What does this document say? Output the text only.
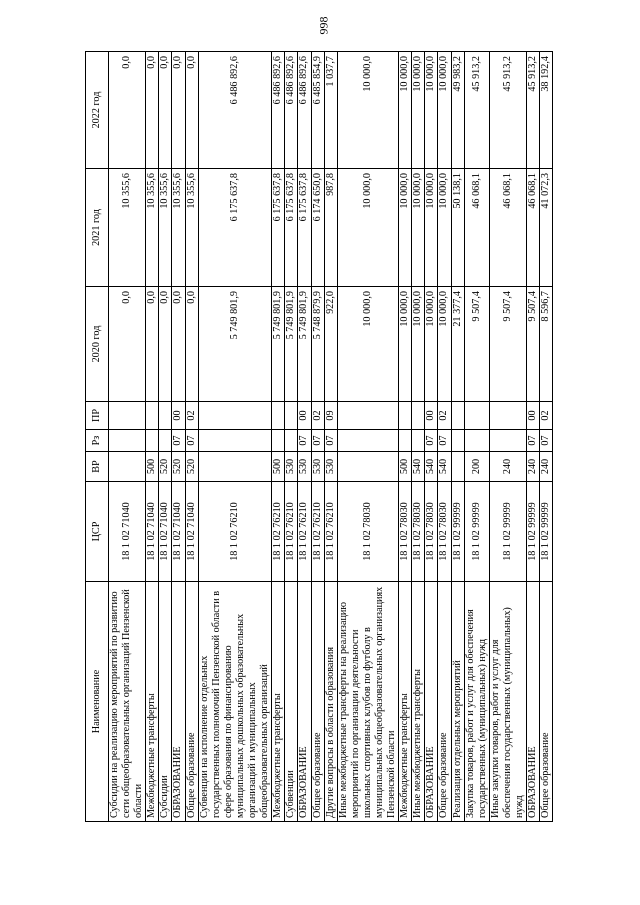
998
Наименование	ЦСР	ВР	Рз	ПР	2020 год	2021 год	2022 год
Субсидии на реализацию мероприятий по развитию сети общеобразовательных организаций Пензенской области	18 1 02 71040				0,0	10 355,6	0,0
Межбюджетные трансферты	18 1 02 71040	500			0,0	10 355,6	0,0
Субсидии	18 1 02 71040	520			0,0	10 355,6	0,0
ОБРАЗОВАНИЕ	18 1 02 71040	520	07	00	0,0	10 355,6	0,0
Общее образование	18 1 02 71040	520	07	02	0,0	10 355,6	0,0
Субвенции на исполнение отдельных государственных полномочий Пензенской области в сфере образования по финансированию муниципальных дошкольных образовательных организаций и муниципальных общеобразовательных организаций	18 1 02 76210				5 749 801,9	6 175 637,8	6 486 892,6
Межбюджетные трансферты	18 1 02 76210	500			5 749 801,9	6 175 637,8	6 486 892,6
Субвенции	18 1 02 76210	530			5 749 801,9	6 175 637,8	6 486 892,6
ОБРАЗОВАНИЕ	18 1 02 76210	530	07	00	5 749 801,9	6 175 637,8	6 486 892,6
Общее образование	18 1 02 76210	530	07	02	5 748 879,9	6 174 650,0	6 485 854,9
Другие вопросы в области образования	18 1 02 76210	530	07	09	922,0	987,8	1 037,7
Иные межбюджетные трансферты на реализацию мероприятий по организации деятельности школьных спортивных клубов по футболу в муниципальных общеобразовательных организациях Пензенской области	18 1 02 78030				10 000,0	10 000,0	10 000,0
Межбюджетные трансферты	18 1 02 78030	500			10 000,0	10 000,0	10 000,0
Иные межбюджетные трансферты	18 1 02 78030	540			10 000,0	10 000,0	10 000,0
ОБРАЗОВАНИЕ	18 1 02 78030	540	07	00	10 000,0	10 000,0	10 000,0
Общее образование	18 1 02 78030	540	07	02	10 000,0	10 000,0	10 000,0
Реализация отдельных мероприятий	18 1 02 99999				21 377,4	50 138,1	49 983,2
Закупка товаров, работ и услуг для обеспечения государственных (муниципальных) нужд	18 1 02 99999	200			9 507,4	46 068,1	45 913,2
Иные закупки товаров, работ и услуг для обеспечения государственных (муниципальных) нужд	18 1 02 99999	240			9 507,4	46 068,1	45 913,2
ОБРАЗОВАНИЕ	18 1 02 99999	240	07	00	9 507,4	46 068,1	45 913,2
Общее образование	18 1 02 99999	240	07	02	8 596,7	41 072,3	38 192,4
